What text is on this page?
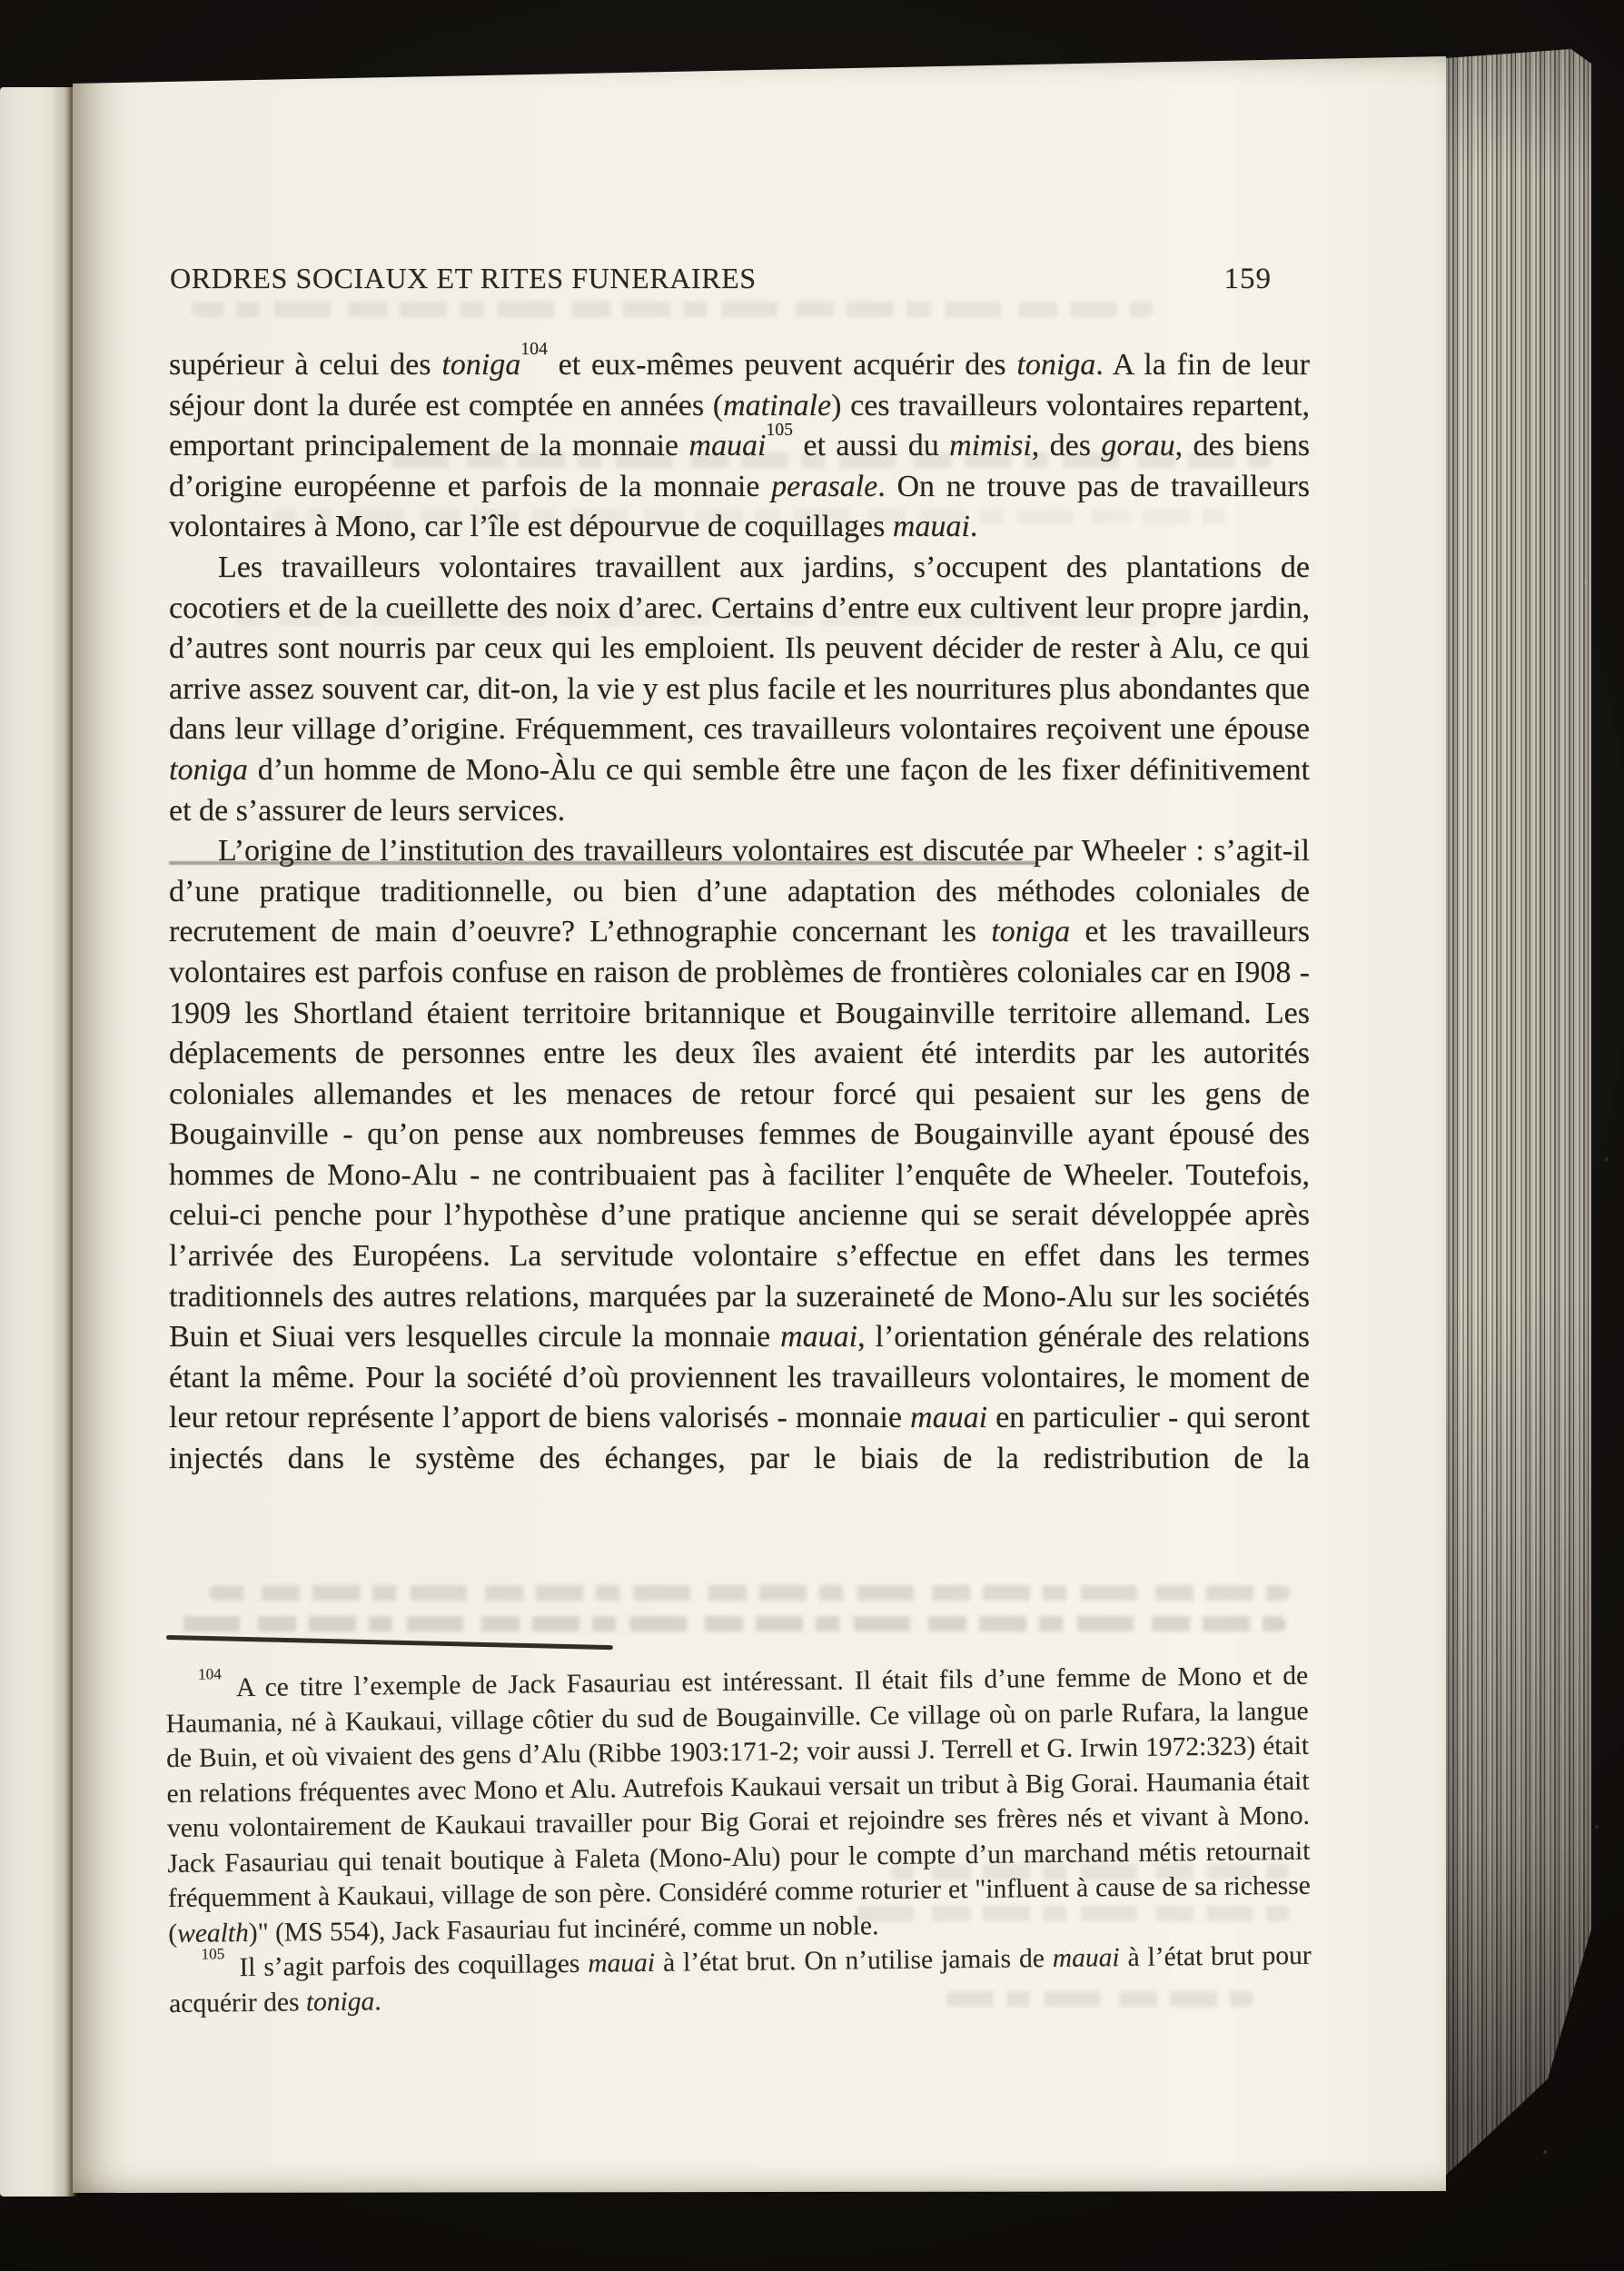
ORDRES SOCIAUX ET RITES FUNERAIRES	159

supérieur à celui des toniga$^{104}$ et eux-mêmes peuvent acquérir des toniga. A la fin de leur séjour dont la durée est comptée en années (matinale) ces travailleurs volontaires repartent, emportant principalement de la monnaie mauai$^{105}$ et aussi du mimisi, des gorau, des biens d’origine européenne et parfois de la monnaie perasale. On ne trouve pas de travailleurs volontaires à Mono, car l’île est dépourvue de coquillages mauai.

Les travailleurs volontaires travaillent aux jardins, s’occupent des plantations de cocotiers et de la cueillette des noix d’arec. Certains d’entre eux cultivent leur propre jardin, d’autres sont nourris par ceux qui les emploient. Ils peuvent décider de rester à Alu, ce qui arrive assez souvent car, dit-on, la vie y est plus facile et les nourritures plus abondantes que dans leur village d’origine. Fréquemment, ces travailleurs volontaires reçoivent une épouse toniga d’un homme de Mono-Àlu ce qui semble être une façon de les fixer définitivement et de s’assurer de leurs services.

L’origine de l’institution des travailleurs volontaires est discutée par Wheeler : s’agit-il d’une pratique traditionnelle, ou bien d’une adaptation des méthodes coloniales de recrutement de main d’oeuvre? L’ethnographie concernant les toniga et les travailleurs volontaires est parfois confuse en raison de problèmes de frontières coloniales car en I908 - 1909 les Shortland étaient territoire britannique et Bougainville territoire allemand. Les déplacements de personnes entre les deux îles avaient été interdits par les autorités coloniales allemandes et les menaces de retour forcé qui pesaient sur les gens de Bougainville - qu’on pense aux nombreuses femmes de Bougainville ayant épousé des hommes de Mono-Alu - ne contribuaient pas à faciliter l’enquête de Wheeler. Toutefois, celui-ci penche pour l’hypothèse d’une pratique ancienne qui se serait développée après l’arrivée des Européens. La servitude volontaire s’effectue en effet dans les termes traditionnels des autres relations, marquées par la suzeraineté de Mono-Alu sur les sociétés Buin et Siuai vers lesquelles circule la monnaie mauai, l’orientation générale des relations étant la même. Pour la société d’où proviennent les travailleurs volontaires, le moment de leur retour représente l’apport de biens valorisés - monnaie mauai en particulier - qui seront injectés dans le système des échanges, par le biais de la redistribution de la

$^{104}$ A ce titre l’exemple de Jack Fasauriau est intéressant. Il était fils d’une femme de Mono et de Haumania, né à Kaukaui, village côtier du sud de Bougainville. Ce village où on parle Rufara, la langue de Buin, et où vivaient des gens d’Alu (Ribbe 1903:171-2; voir aussi J. Terrell et G. Irwin 1972:323) était en relations fréquentes avec Mono et Alu. Autrefois Kaukaui versait un tribut à Big Gorai. Haumania était venu volontairement de Kaukaui travailler pour Big Gorai et rejoindre ses frères nés et vivant à Mono. Jack Fasauriau qui tenait boutique à Faleta (Mono-Alu) pour le compte d’un marchand métis retournait fréquemment à Kaukaui, village de son père. Considéré comme roturier et "influent à cause de sa richesse (wealth)" (MS 554), Jack Fasauriau fut incinéré, comme un noble.

$^{105}$ Il s’agit parfois des coquillages mauai à l’état brut. On n’utilise jamais de mauai à l’état brut pour acquérir des toniga.
